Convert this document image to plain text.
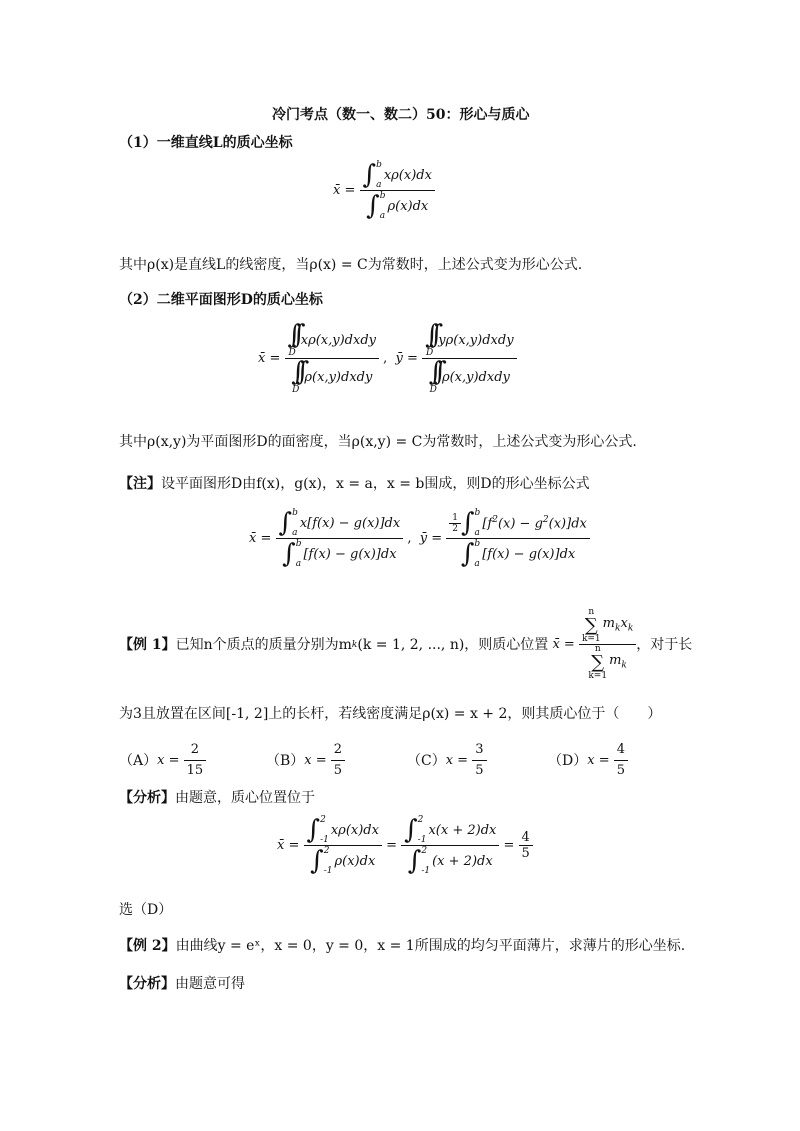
冷门考点（数一、数二）50：形心与质心
（1）一维直线L的质心坐标
x̄ = ∫ b
a
xρ(x)dx
∫ b
a
ρ(x)dx
其中ρ(x)是直线L的线密度，当ρ(x) = C为常数时，上述公式变为形心公式.
（2）二维平面图形D的质心坐标
x̄ = ∫∫
D
xρ(x,y)dxdy
∫∫
D
ρ(x,y)dxdy , ȳ = ∫∫
D
yρ(x,y)dxdy
∫∫
D
ρ(x,y)dxdy
其中ρ(x,y)为平面图形D的面密度，当ρ(x,y) = C为常数时，上述公式变为形心公式.
【注】设平面图形D由f(x)，g(x)，x = a，x = b围成，则D的形心坐标公式
x̄ = ∫ b
a
x[f(x) − g(x)]dx
∫ b
a
[f(x) − g(x)]dx , ȳ = $\frac{1}{2}$ ∫ b
a
$[f^2(x) - g^2(x)]dx$
∫ b
a
[f(x) − g(x)]dx
【例 1】 已知n个质点的质量分别为m k (k = 1, 2, ..., n)，则质心位置 x̄ = n
∑
k=1
$m_kx_k$
n
∑
k=1
$m_k$ ，对于长
为3且放置在区间[-1, 2]上的长杆，若线密度满足ρ(x) = x + 2，则其质心位于（　　）
（A） $x = \frac{2}{15}$	（B） $x = \frac{2}{5}$	（C） $x = \frac{3}{5}$	（D） $x = \frac{4}{5}$
【分析】由题意，质心位置位于
x̄ = ∫ 2
-1
xρ(x)dx
∫ 2
-1
ρ(x)dx = ∫ 2
-1
x(x + 2)dx
∫ 2
-1
$(x + 2)dx = \frac{4}{5}$
选（D）
【例 2】由曲线y = eˣ，x = 0，y = 0，x = 1所围成的均匀平面薄片，求薄片的形心坐标.
【分析】由题意可得
